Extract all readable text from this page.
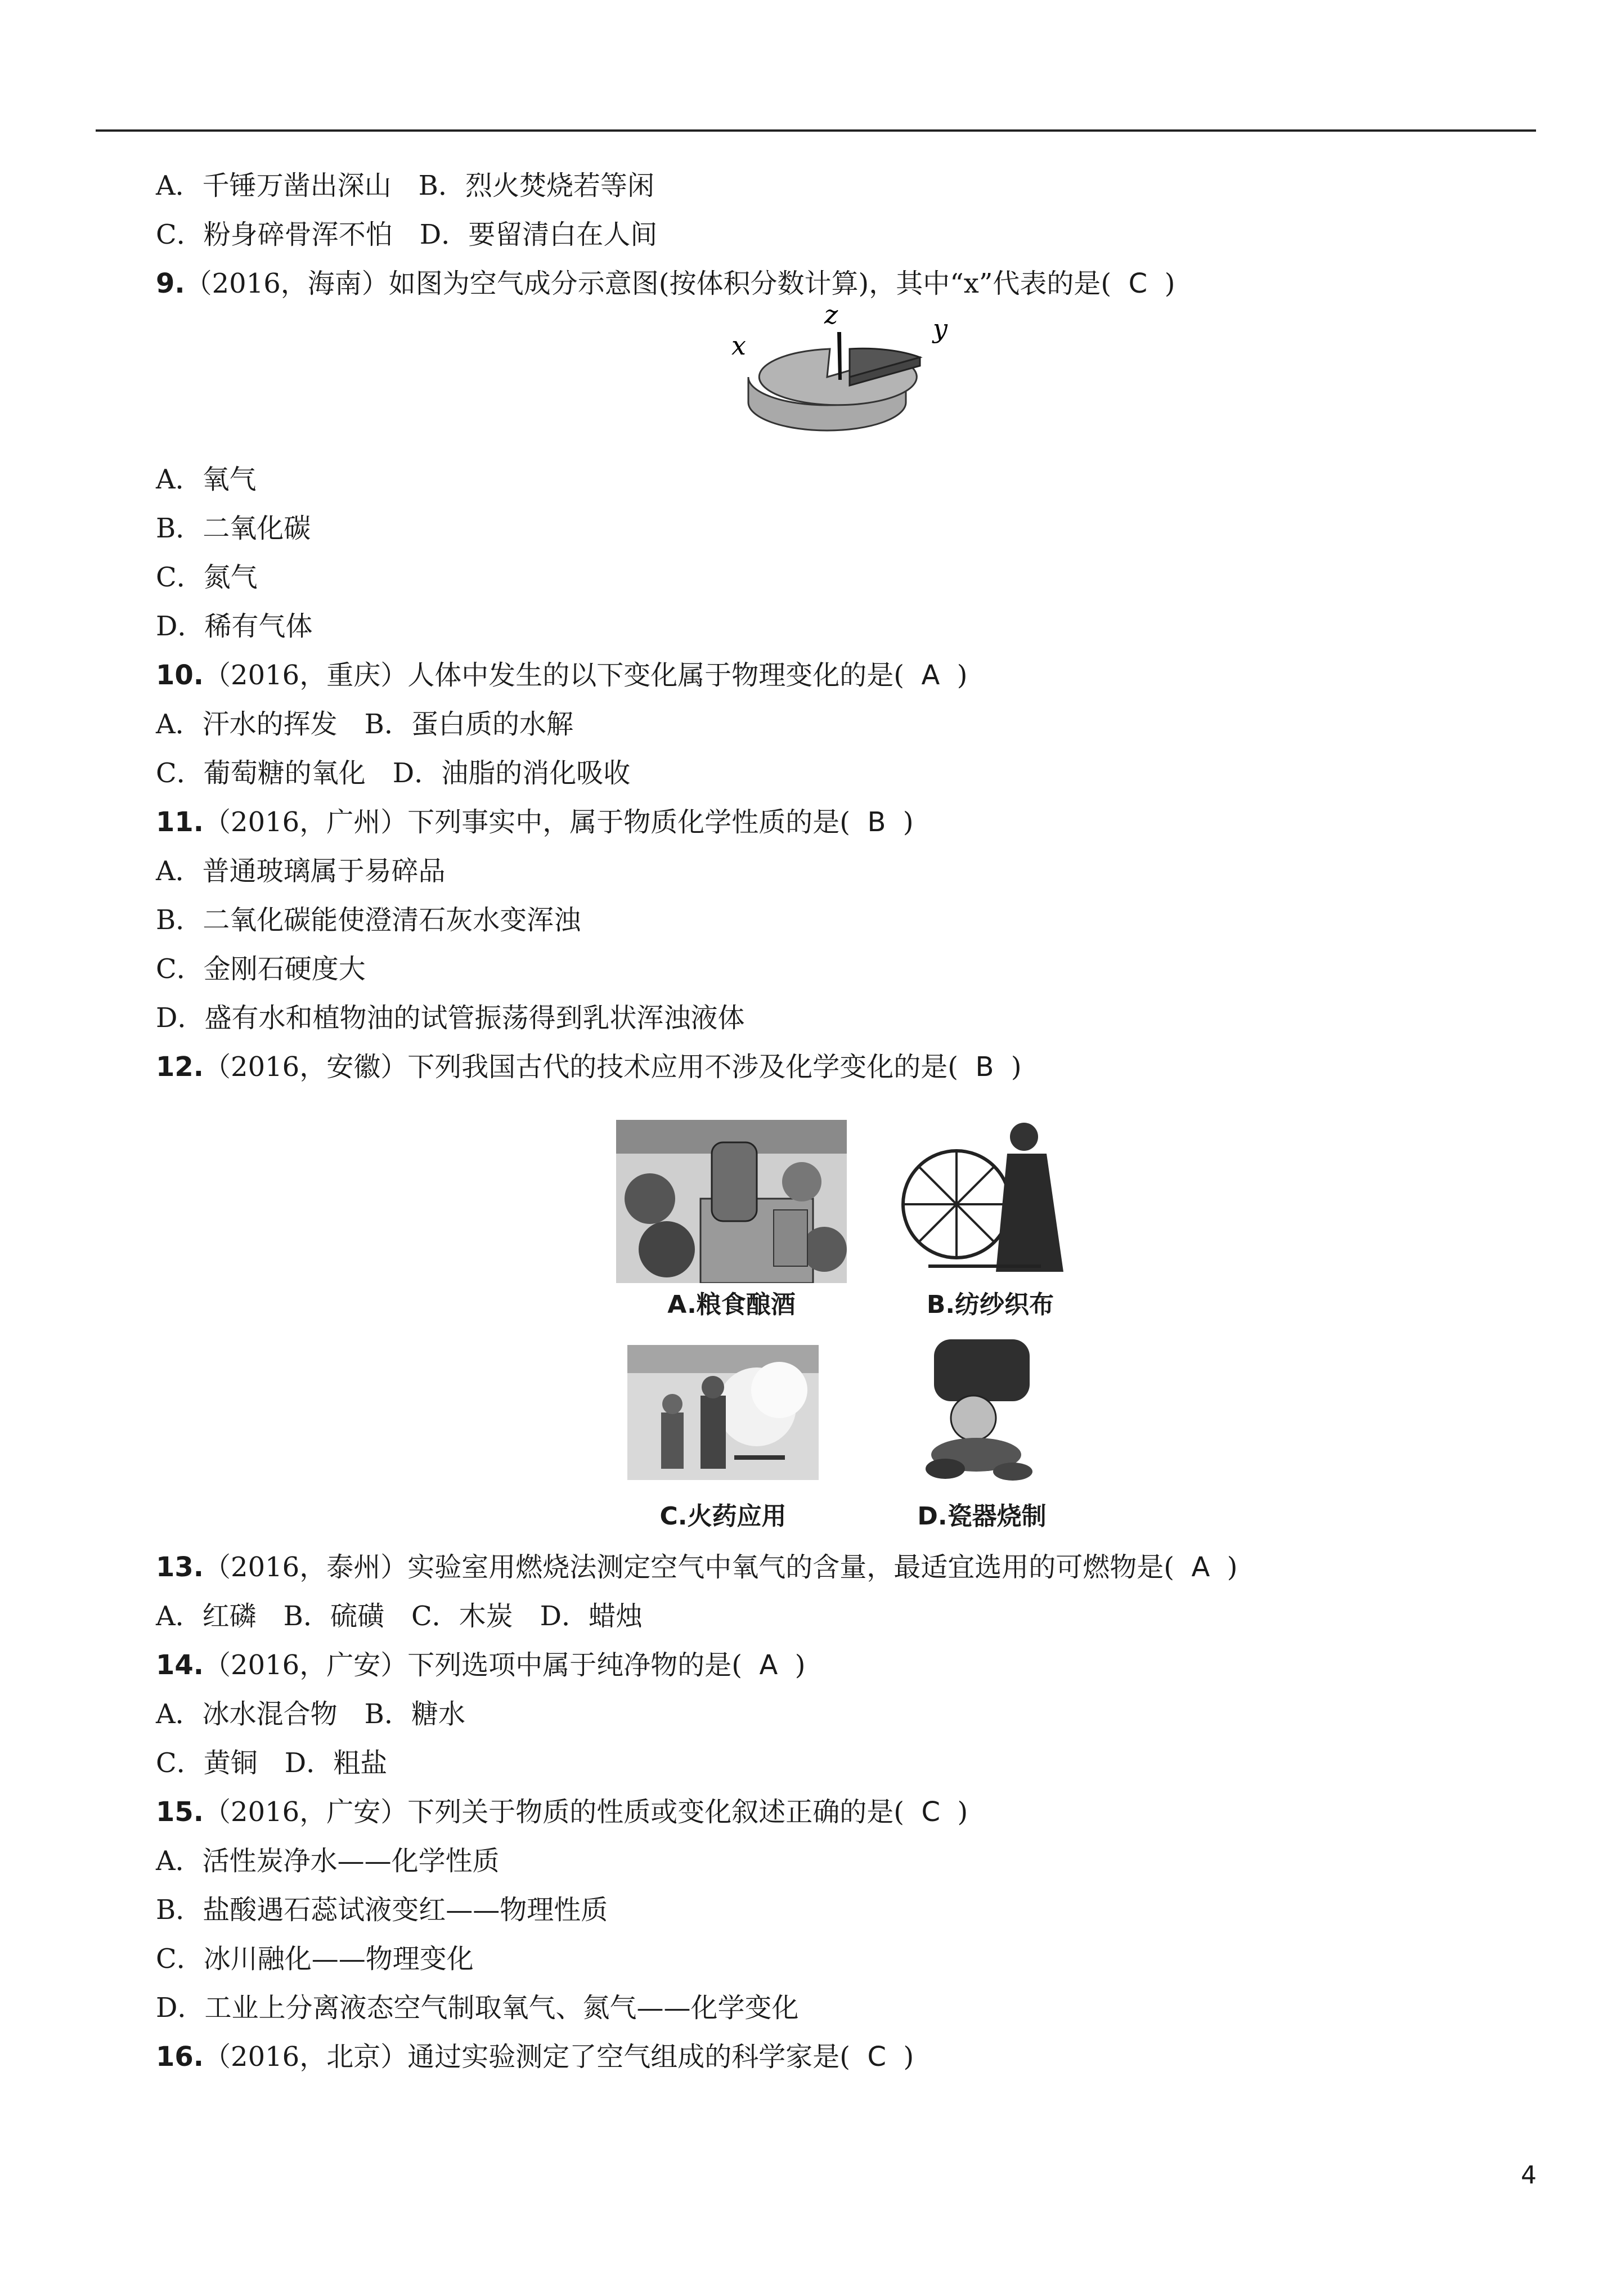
A．千锤万凿出深山　B．烈火焚烧若等闲
C．粉身碎骨浑不怕　D．要留清白在人间
9.（2016，海南）如图为空气成分示意图(按体积分数计算)，其中“x”代表的是( C )
x
y
z
A．氧气
B．二氧化碳
C．氮气
D．稀有气体
10.（2016，重庆）人体中发生的以下变化属于物理变化的是( A )
A．汗水的挥发　B．蛋白质的水解
C．葡萄糖的氧化　D．油脂的消化吸收
11.（2016，广州）下列事实中，属于物质化学性质的是( B )
A．普通玻璃属于易碎品
B．二氧化碳能使澄清石灰水变浑浊
C．金刚石硬度大
D．盛有水和植物油的试管振荡得到乳状浑浊液体
12.（2016，安徽）下列我国古代的技术应用不涉及化学变化的是( B )
A.粮食酿酒	B.纺纱织布
C.火药应用	D.瓷器烧制
13.（2016，泰州）实验室用燃烧法测定空气中氧气的含量，最适宜选用的可燃物是( A )
A．红磷　B．硫磺　C．木炭　D．蜡烛
14.（2016，广安）下列选项中属于纯净物的是( A )
A．冰水混合物　B．糖水
C．黄铜　D．粗盐
15.（2016，广安）下列关于物质的性质或变化叙述正确的是( C )
A．活性炭净水——化学性质
B．盐酸遇石蕊试液变红——物理性质
C．冰川融化——物理变化
D．工业上分离液态空气制取氧气、氮气——化学变化
16.（2016，北京）通过实验测定了空气组成的科学家是( C )
4
